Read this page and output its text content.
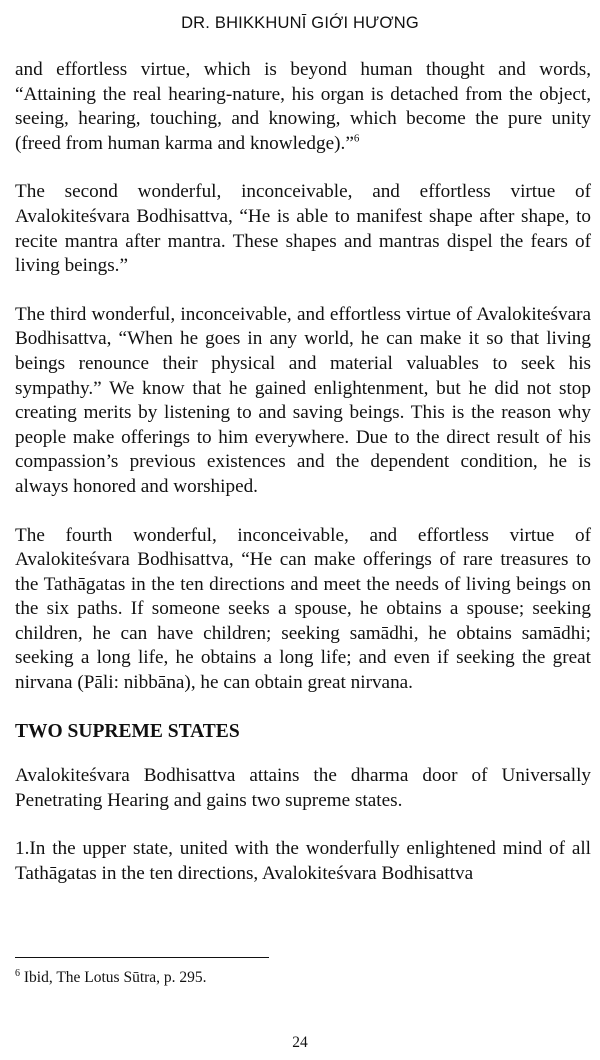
DR. BHIKKHUNĪ GIỚI HƯƠNG

and effortless virtue, which is beyond human thought and words, “Attaining the real hearing-nature, his organ is detached from the object, seeing, hearing, touching, and knowing, which become the pure unity (freed from human karma and knowledge).”$^6$

The second wonderful, inconceivable, and effortless virtue of Avalokiteśvara Bodhisattva, “He is able to manifest shape after shape, to recite mantra after mantra. These shapes and mantras dispel the fears of living beings.”

The third wonderful, inconceivable, and effortless virtue of Avalokiteśvara Bodhisattva, “When he goes in any world, he can make it so that living beings renounce their physical and material valuables to seek his sympathy.” We know that he gained enlightenment, but he did not stop creating merits by listening to and saving beings. This is the reason why people make offerings to him everywhere. Due to the direct result of his compassion’s previous existences and the dependent condition, he is always honored and worshiped.

The fourth wonderful, inconceivable, and effortless virtue of Avalokiteśvara Bodhisattva, “He can make offerings of rare treasures to the Tathāgatas in the ten directions and meet the needs of living beings on the six paths. If someone seeks a spouse, he obtains a spouse; seeking children, he can have children; seeking samādhi, he obtains samādhi; seeking a long life, he obtains a long life; and even if seeking the great nirvana (Pāli: nibbāna), he can obtain great nirvana.

TWO SUPREME STATES

Avalokiteśvara Bodhisattva attains the dharma door of Universally Penetrating Hearing and gains two supreme states.

1.In the upper state, united with the wonderfully enlightened mind of all Tathāgatas in the ten directions, Avalokiteśvara Bodhisattva

$^6$ Ibid, The Lotus Sūtra, p. 295.
24
